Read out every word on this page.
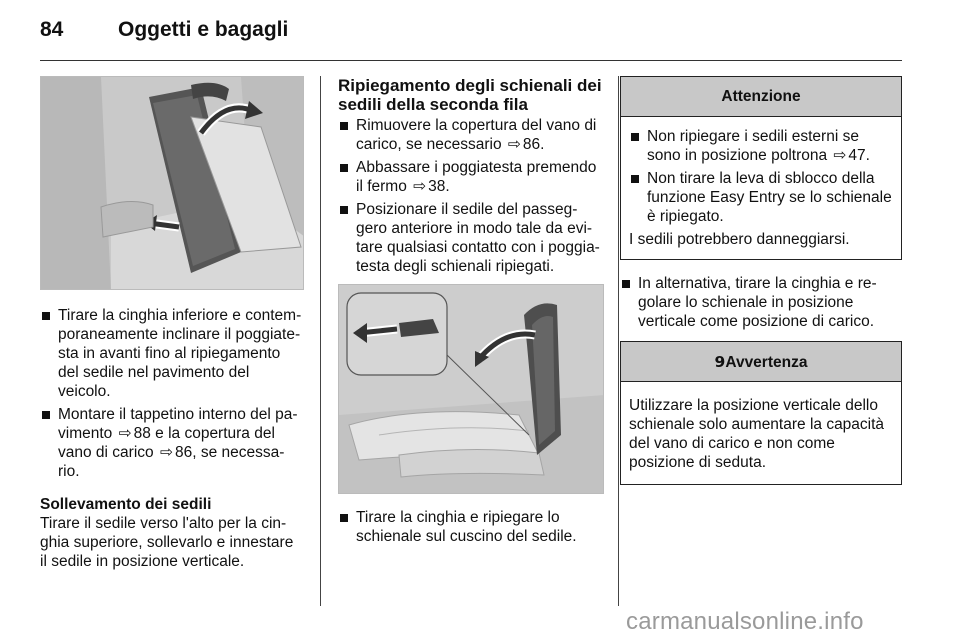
84	Oggetti e bagagli
Tirare la cinghia inferiore e contem-poraneamente inclinare il poggiate-sta in avanti fino al ripiegamento del sedile nel pavimento del veicolo.
Montare il tappetino interno del pa-vimento ⇨ 88 e la copertura del vano di carico ⇨ 86, se necessa-rio.
Sollevamento dei sedili
Tirare il sedile verso l'alto per la cin-ghia superiore, sollevarlo e innestare il sedile in posizione verticale.
Ripiegamento degli schienali dei sedili della seconda fila
Rimuovere la copertura del vano di carico, se necessario ⇨ 86.
Abbassare i poggiatesta premendo il fermo ⇨ 38.
Posizionare il sedile del passeg-gero anteriore in modo tale da evi-tare qualsiasi contatto con i poggia-testa degli schienali ripiegati.
Tirare la cinghia e ripiegare lo schienale sul cuscino del sedile.
Attenzione
Non ripiegare i sedili esterni se sono in posizione poltrona ⇨ 47.
Non tirare la leva di sblocco della funzione Easy Entry se lo schienale è ripiegato.
I sedili potrebbero danneggiarsi.
In alternativa, tirare la cinghia e re-golare lo schienale in posizione verticale come posizione di carico.
9Avvertenza
Utilizzare la posizione verticale dello schienale solo aumentare la capacità del vano di carico e non come posizione di seduta.
carmanualsonline.info
